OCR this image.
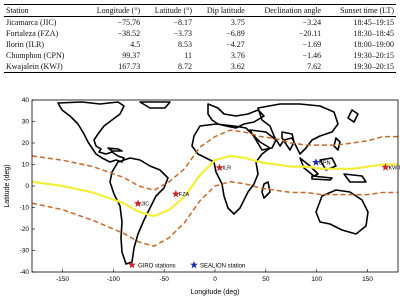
Station	Longitude (°)	Latitude (°)	Dip latitude	Declination angle	Sunset time (LT)
Jicamarca (JIC)	−75.76	−8.17	3.75	−3.24	18:45–19:15
Fortaleza (FZA)	−38.52	−3.73	−6.89	−20.11	18:30–18:45
Ilorin (ILR)	4.5	8.53	−4.27	−1.69	18:00–19:00
Chumphon (CPN)	99.37	11	3.76	−1.46	19:30–20:15
Kwajalein (KWJ)	167.73	8.72	3.62	7.62	19:30–20:15
JIC
FZA
ILR	KWJ
CPN
-150	-100	-50	0	50	100	150
-40
-30
-20
-10
0
10
20
30
40
Longitude (deg)
Latitude (deg)
GIRO stations	SEALION station
